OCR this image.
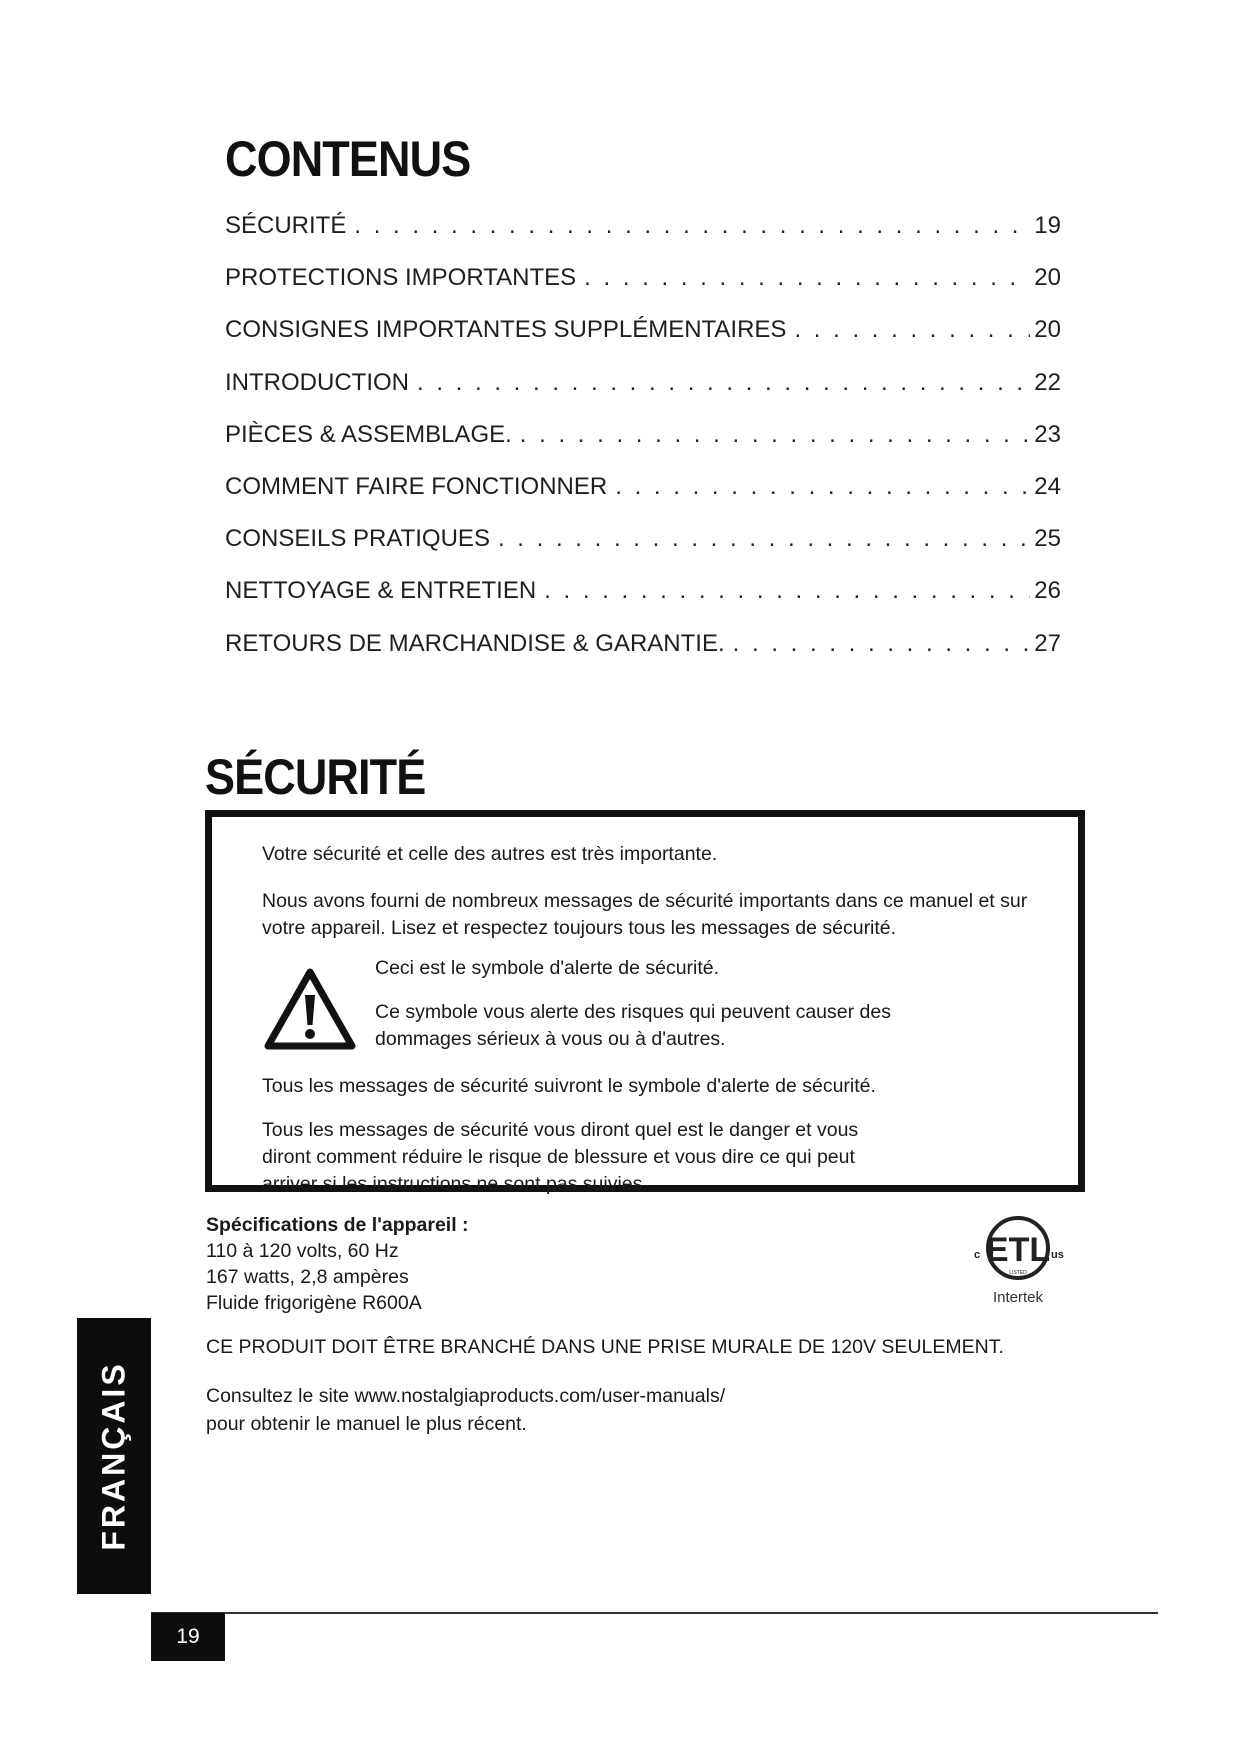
CONTENUS
SÉCURITÉ . . .	19
PROTECTIONS IMPORTANTES . . .	20
CONSIGNES IMPORTANTES SUPPLÉMENTAIRES . . .	20
INTRODUCTION . . .	22
PIÈCES & ASSEMBLAGE. . . .	23
COMMENT FAIRE FONCTIONNER . . .	24
CONSEILS PRATIQUES . . .	25
NETTOYAGE & ENTRETIEN . . .	26
RETOURS DE MARCHANDISE & GARANTIE. . . .	27
SÉCURITÉ

Votre sécurité et celle des autres est très importante.

Nous avons fourni de nombreux messages de sécurité importants dans ce manuel et sur votre appareil. Lisez et respectez toujours tous les messages de sécurité.

Ceci est le symbole d'alerte de sécurité.

Ce symbole vous alerte des risques qui peuvent causer des dommages sérieux à vous ou à d'autres.

Tous les messages de sécurité suivront le symbole d'alerte de sécurité.

Tous les messages de sécurité vous diront quel est le danger et vous diront comment réduire le risque de blessure et vous dire ce qui peut arriver si les instructions ne sont pas suivies.

Spécifications de l'appareil :
110 à 120 volts, 60 Hz
167 watts, 2,8 ampères
Fluide frigorigène R600A
ETL
c	us
LISTED
Intertek

CE PRODUIT DOIT ÊTRE BRANCHÉ DANS UNE PRISE MURALE DE 120V SEULEMENT.

Consultez le site www.nostalgiaproducts.com/user-manuals/ pour obtenir le manuel le plus récent.

FRANÇAIS
19
